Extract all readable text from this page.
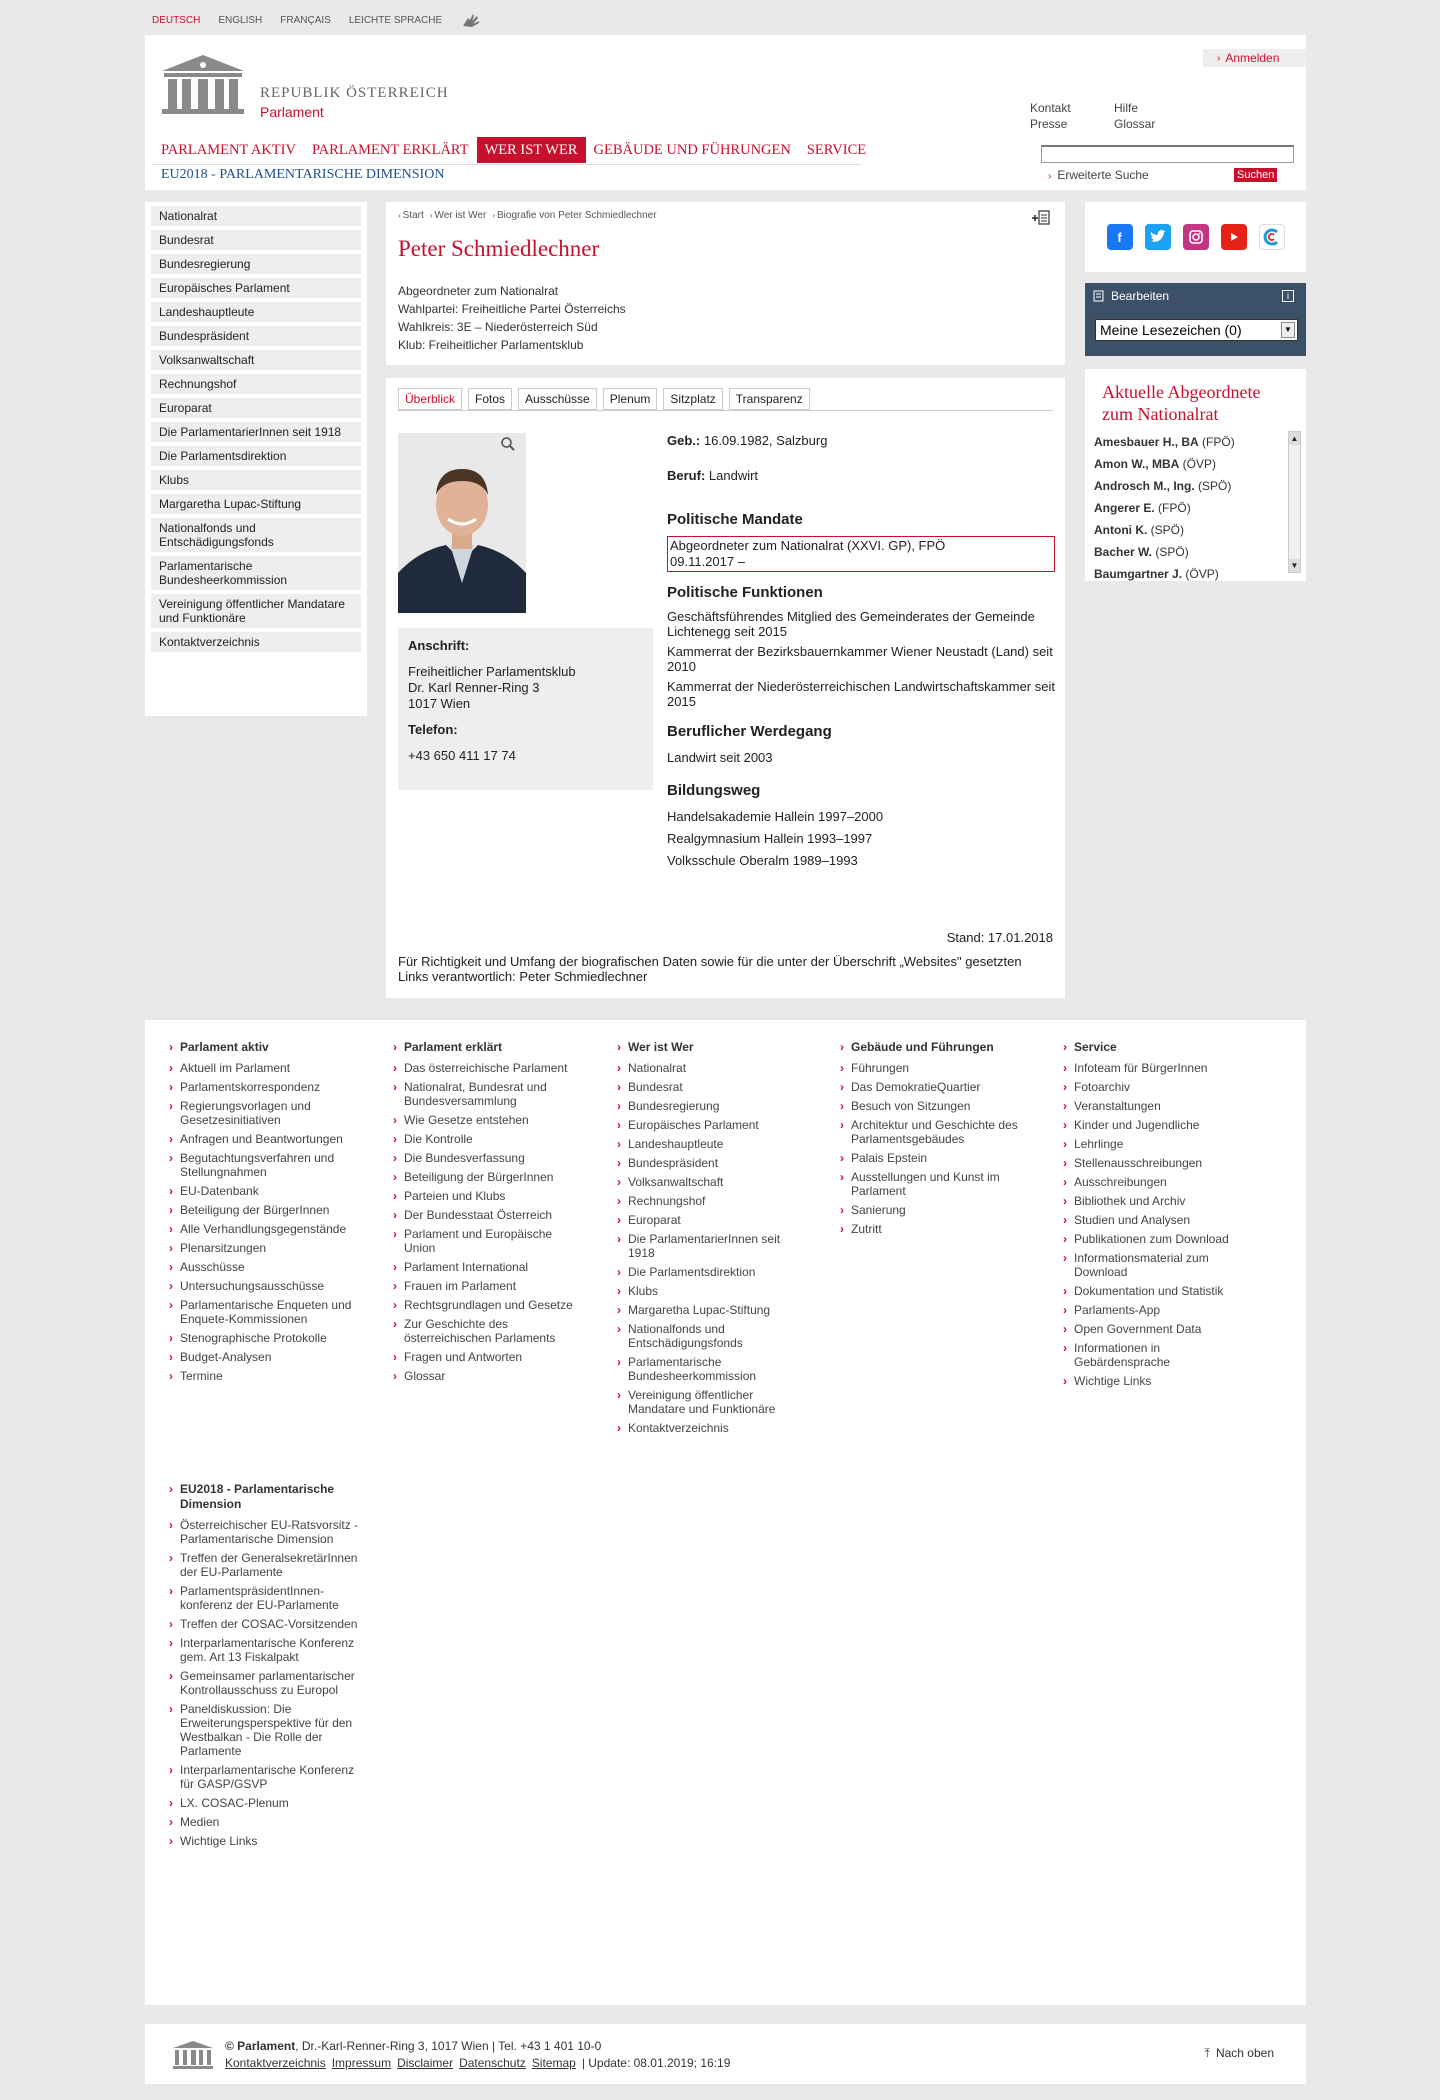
DEUTSCH ENGLISH FRANÇAIS LEICHTE SPRACHE
REPUBLIK ÖSTERREICH
Parlament
› Anmelden
Kontakt	Hilfe
Presse	Glossar
› Erweiterte Suche	Suchen
PARLAMENT AKTIV	PARLAMENT ERKLÄRT	WER IST WER	GEBÄUDE UND FÜHRUNGEN	SERVICE
EU2018 - PARLAMENTARISCHE DIMENSION
Nationalrat
Bundesrat
Bundesregierung
Europäisches Parlament
Landeshauptleute
Bundespräsident
Volksanwaltschaft
Rechnungshof
Europarat
Die ParlamentarierInnen seit 1918
Die Parlamentsdirektion
Klubs
Margaretha Lupac-Stiftung
Nationalfonds und Entschädigungsfonds
Parlamentarische Bundesheerkommission
Vereinigung öffentlicher Mandatare und Funktionäre
Kontaktverzeichnis
› Start › Wer ist Wer › Biografie von Peter Schmiedlechner
Peter Schmiedlechner
Abgeordneter zum Nationalrat
Wahlpartei: Freiheitliche Partei Österreichs
Wahlkreis: 3E – Niederösterreich Süd
Klub: Freiheitlicher Parlamentsklub
Überblick	Fotos	Ausschüsse	Plenum	Sitzplatz	Transparenz
Anschrift:
Freiheitlicher Parlamentsklub
Dr. Karl Renner-Ring 3
1017 Wien
Telefon:
+43 650 411 17 74
Geb.: 16.09.1982, Salzburg
Beruf: Landwirt
Politische Mandate
Abgeordneter zum Nationalrat (XXVI. GP), FPÖ
09.11.2017 –
Politische Funktionen
Geschäftsführendes Mitglied des Gemeinderates der Gemeinde Lichtenegg seit 2015
Kammerrat der Bezirksbauernkammer Wiener Neustadt (Land) seit 2010
Kammerrat der Niederösterreichischen Landwirtschaftskammer seit 2015
Beruflicher Werdegang
Landwirt seit 2003
Bildungsweg
Handelsakademie Hallein 1997–2000
Realgymnasium Hallein 1993–1997
Volksschule Oberalm 1989–1993
Stand: 17.01.2018
Für Richtigkeit und Umfang der biografischen Daten sowie für die unter der Überschrift „Websites" gesetzten Links verantwortlich: Peter Schmiedlechner
f
Bearbeiten	i
Meine Lesezeichen (0)	▼
Aktuelle Abgeordnete
zum Nationalrat
Amesbauer H., BA (FPÖ)
Amon W., MBA (ÖVP)
Androsch M., Ing. (SPÖ)
Angerer E. (FPÖ)
Antoni K. (SPÖ)
Bacher W. (SPÖ)
Baumgartner J. (ÖVP)
▲
▼
› Parlament aktiv
› Aktuell im Parlament
› Parlamentskorrespondenz
› Regierungsvorlagen und Gesetzesinitiativen
› Anfragen und Beantwortungen
› Begutachtungsverfahren und Stellungnahmen
› EU-Datenbank
› Beteiligung der BürgerInnen
› Alle Verhandlungsgegenstände
› Plenarsitzungen
› Ausschüsse
› Untersuchungsausschüsse
› Parlamentarische Enqueten und Enquete-Kommissionen
› Stenographische Protokolle
› Budget-Analysen
› Termine
› Parlament erklärt
› Das österreichische Parlament
› Nationalrat, Bundesrat und Bundesversammlung
› Wie Gesetze entstehen
› Die Kontrolle
› Die Bundesverfassung
› Beteiligung der BürgerInnen
› Parteien und Klubs
› Der Bundesstaat Österreich
› Parlament und Europäische Union
› Parlament International
› Frauen im Parlament
› Rechtsgrundlagen und Gesetze
› Zur Geschichte des österreichischen Parlaments
› Fragen und Antworten
› Glossar
› Wer ist Wer
› Nationalrat
› Bundesrat
› Bundesregierung
› Europäisches Parlament
› Landeshauptleute
› Bundespräsident
› Volksanwaltschaft
› Rechnungshof
› Europarat
› Die ParlamentarierInnen seit 1918
› Die Parlamentsdirektion
› Klubs
› Margaretha Lupac-Stiftung
› Nationalfonds und Entschädigungsfonds
› Parlamentarische Bundesheerkommission
› Vereinigung öffentlicher Mandatare und Funktionäre
› Kontaktverzeichnis
› Gebäude und Führungen
› Führungen
› Das DemokratieQuartier
› Besuch von Sitzungen
› Architektur und Geschichte des Parlamentsgebäudes
› Palais Epstein
› Ausstellungen und Kunst im Parlament
› Sanierung
› Zutritt
› Service
› Infoteam für BürgerInnen
› Fotoarchiv
› Veranstaltungen
› Kinder und Jugendliche
› Lehrlinge
› Stellenausschreibungen
› Ausschreibungen
› Bibliothek und Archiv
› Studien und Analysen
› Publikationen zum Download
› Informationsmaterial zum Download
› Dokumentation und Statistik
› Parlaments-App
› Open Government Data
› Informationen in Gebärdensprache
› Wichtige Links
› EU2018 - Parlamentarische Dimension
› Österreichischer EU-Ratsvorsitz - Parlamentarische Dimension
› Treffen der GeneralsekretärInnen der EU-Parlamente
› ParlamentspräsidentInnen-konferenz der EU-Parlamente
› Treffen der COSAC-Vorsitzenden
› Interparlamentarische Konferenz gem. Art 13 Fiskalpakt
› Gemeinsamer parlamentarischer Kontrollausschuss zu Europol
› Paneldiskussion: Die Erweiterungsperspektive für den Westbalkan - Die Rolle der Parlamente
› Interparlamentarische Konferenz für GASP/GSVP
› LX. COSAC-Plenum
› Medien
› Wichtige Links
© Parlament, Dr.-Karl-Renner-Ring 3, 1017 Wien | Tel. +43 1 401 10-0
Kontaktverzeichnis Impressum Disclaimer Datenschutz Sitemap | Update: 08.01.2019; 16:19
⤒ Nach oben
